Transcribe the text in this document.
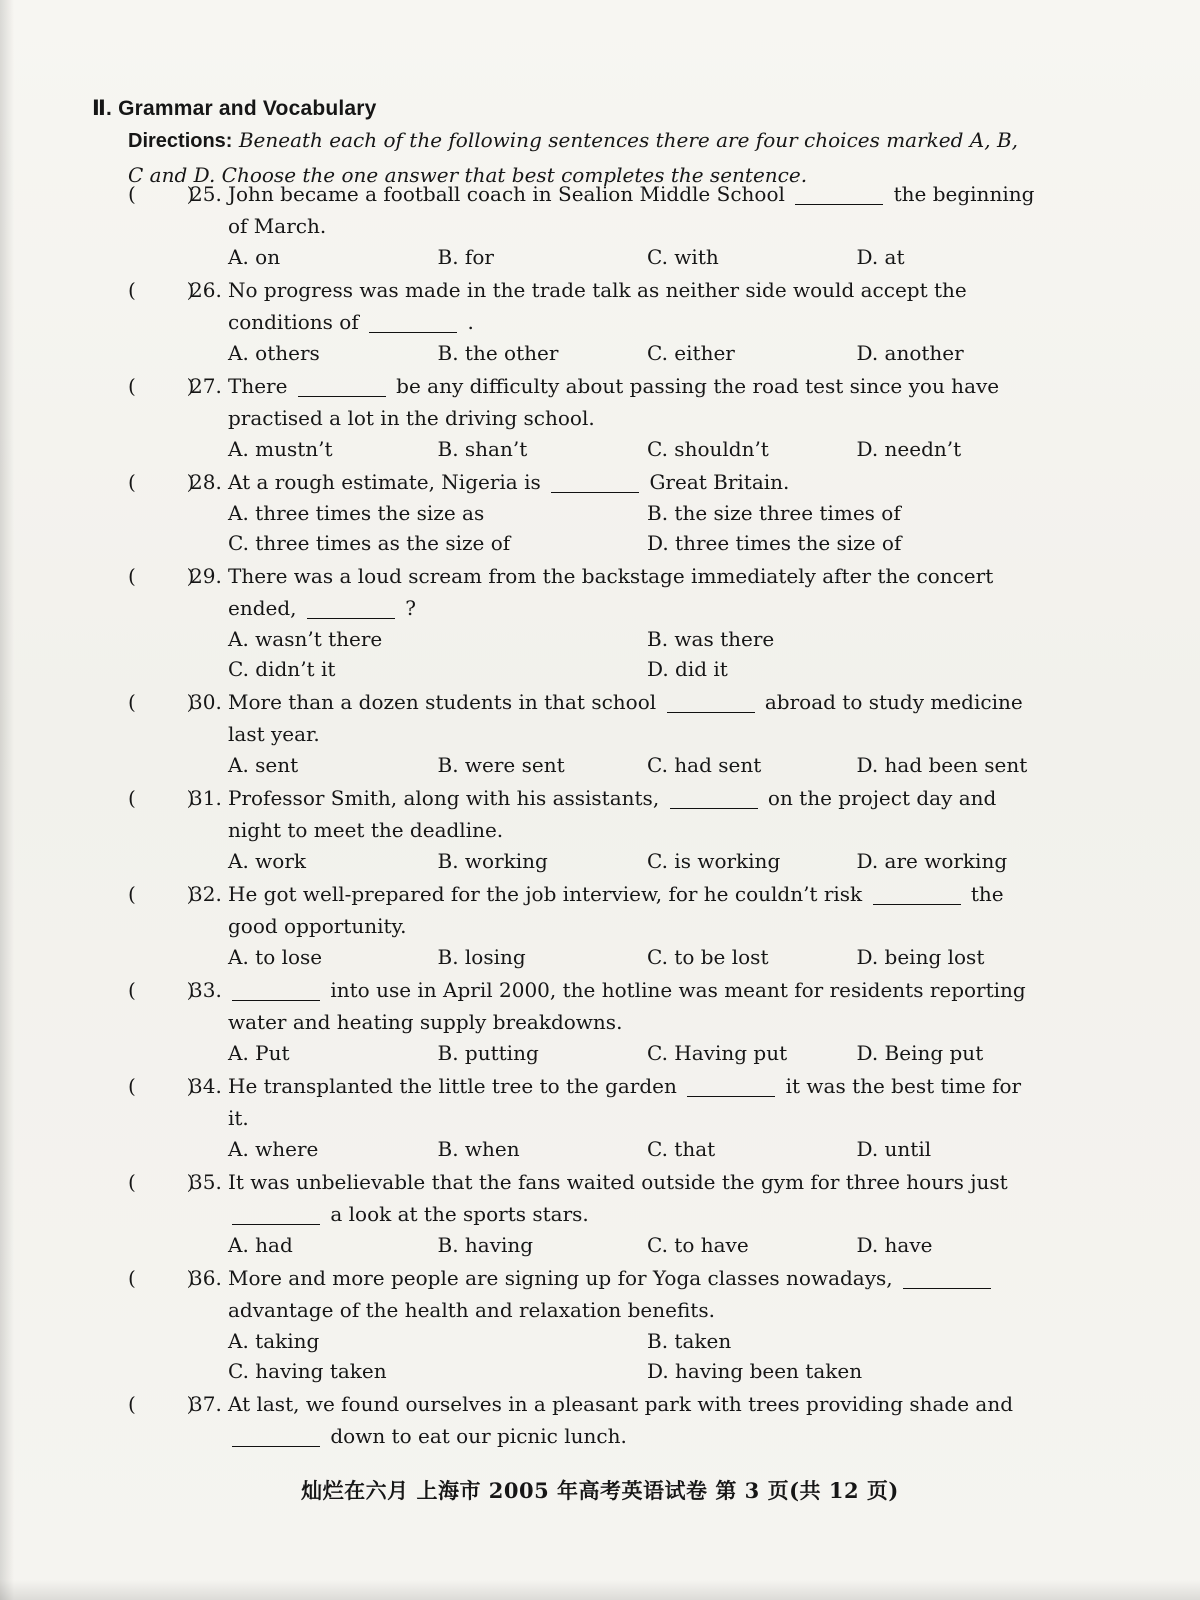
Ⅱ. Grammar and Vocabulary
Directions: Beneath each of the following sentences there are four choices marked A, B, C and D. Choose the one answer that best completes the sentence.
(        )
25. John became a football coach in Sealion Middle School	the beginning of March.
A. on	B. for	C. with	D. at
(        )
26. No progress was made in the trade talk as neither side would accept the conditions of	.
A. others	B. the other	C. either	D. another
(        )
27. There	be any difficulty about passing the road test since you have practised a lot in the driving school.
A. mustn’t	B. shan’t	C. shouldn’t	D. needn’t
(        )
28. At a rough estimate, Nigeria is	Great Britain.
A. three times the size as	B. the size three times of
C. three times as the size of	D. three times the size of
(        )
29. There was a loud scream from the backstage immediately after the concert ended,	?
A. wasn’t there	B. was there
C. didn’t it	D. did it
(        )
30. More than a dozen students in that school	abroad to study medicine last year.
A. sent	B. were sent	C. had sent	D. had been sent
(        )
31. Professor Smith, along with his assistants,	on the project day and night to meet the deadline.
A. work	B. working	C. is working	D. are working
(        )
32. He got well-prepared for the job interview, for he couldn’t risk	the good opportunity.
A. to lose	B. losing	C. to be lost	D. being lost
(        )
33.	into use in April 2000, the hotline was meant for residents reporting water and heating supply breakdowns.
A. Put	B. putting	C. Having put	D. Being put
(        )
34. He transplanted the little tree to the garden	it was the best time for it.
A. where	B. when	C. that	D. until
(        )
35. It was unbelievable that the fans waited outside the gym for three hours just  a look at the sports stars.
A. had	B. having	C. to have	D. have
(        )
36. More and more people are signing up for Yoga classes nowadays,  advantage of the health and relaxation benefits.
A. taking	B. taken
C. having taken	D. having been taken
(        )
37. At last, we found ourselves in a pleasant park with trees providing shade and  down to eat our picnic lunch.
灿烂在六月 上海市 2005 年高考英语试卷 第 3 页(共 12 页)
